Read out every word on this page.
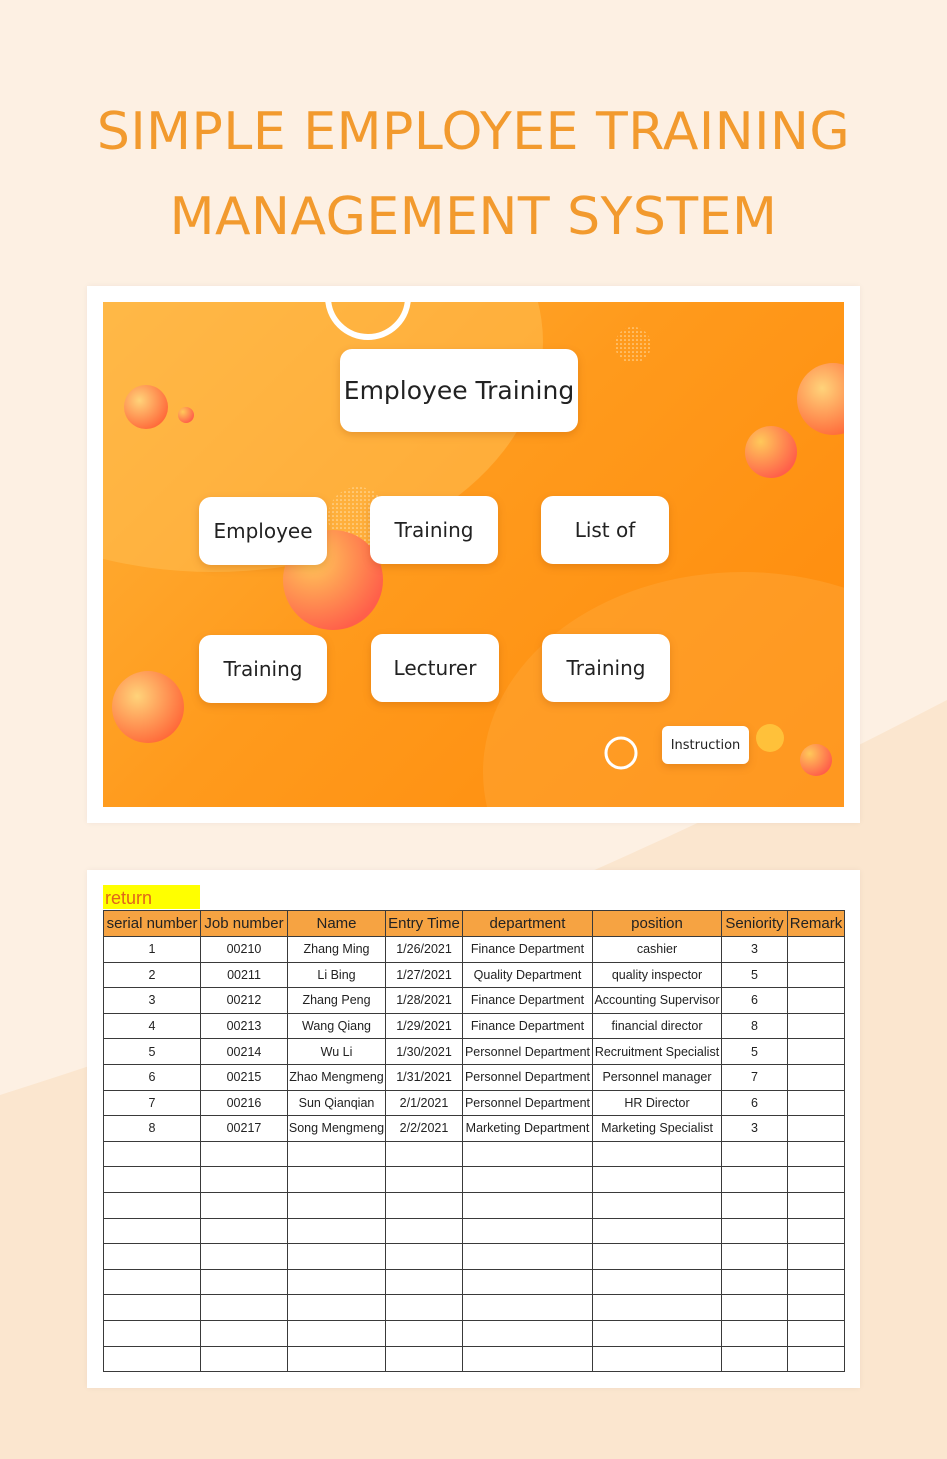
SIMPLE EMPLOYEE TRAINING
MANAGEMENT SYSTEM
Employee Training
Employee	Training	List of
Training	Lecturer	Training
Instruction
return
serial number	Job number	Name	Entry Time	department	position	Seniority	Remark
1	00210	Zhang Ming	1/26/2021	Finance Department	cashier	3	
2	00211	Li Bing	1/27/2021	Quality Department	quality inspector	5	
3	00212	Zhang Peng	1/28/2021	Finance Department	Accounting Supervisor	6	
4	00213	Wang Qiang	1/29/2021	Finance Department	financial director	8	
5	00214	Wu Li	1/30/2021	Personnel Department	Recruitment Specialist	5	
6	00215	Zhao Mengmeng	1/31/2021	Personnel Department	Personnel manager	7	
7	00216	Sun Qianqian	2/1/2021	Personnel Department	HR Director	6	
8	00217	Song Mengmeng	2/2/2021	Marketing Department	Marketing Specialist	3	
